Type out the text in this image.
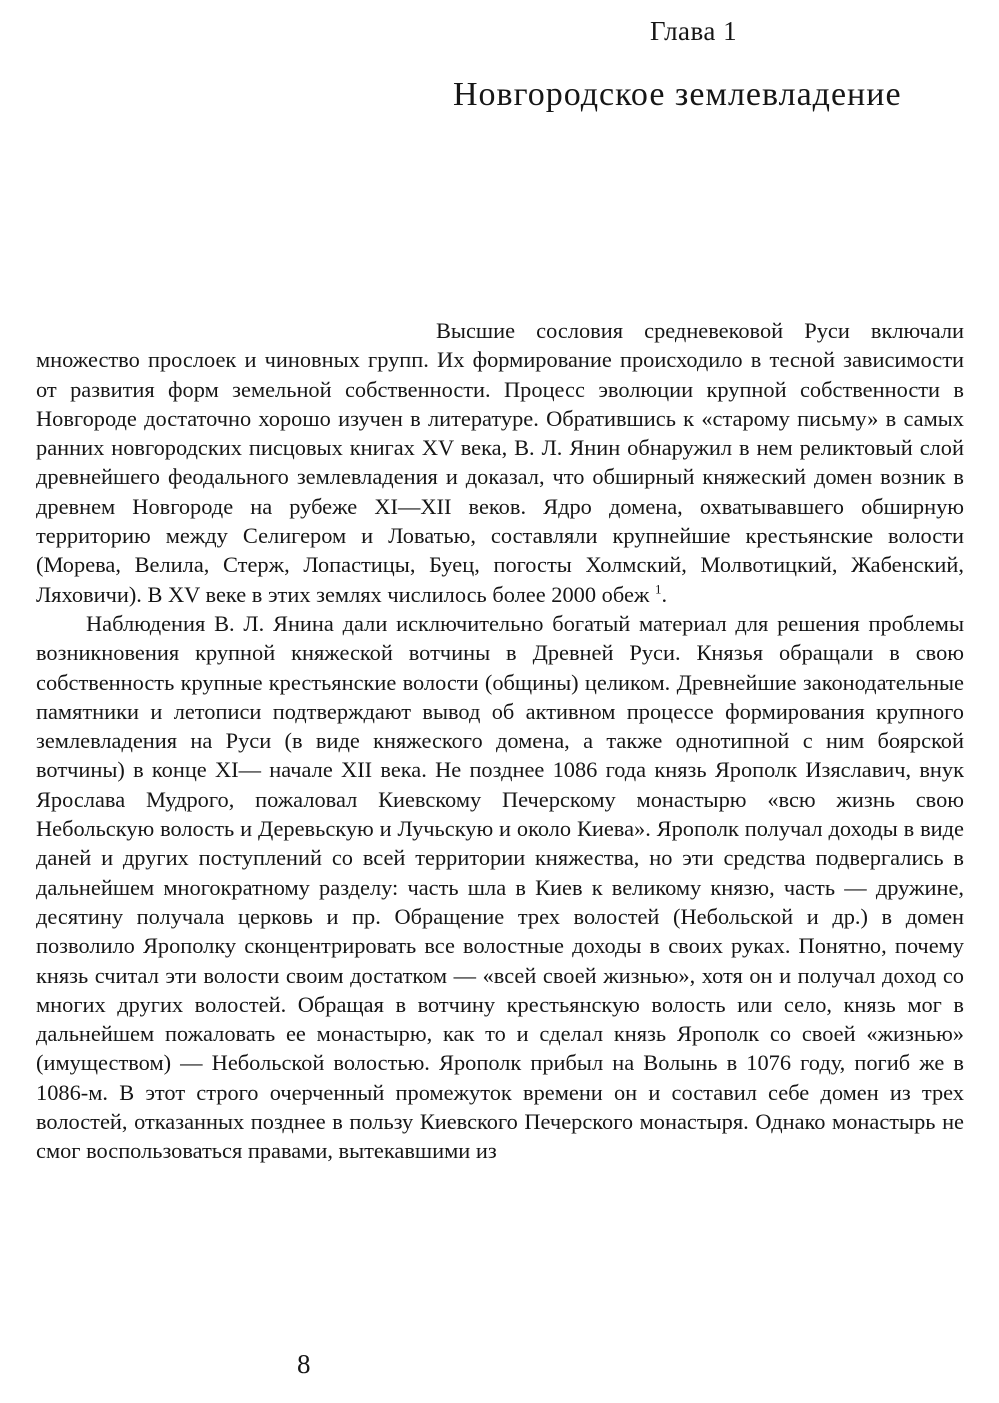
Глава 1
Новгородское землевладение

Высшие сословия средневековой Руси включали множество прослоек и чиновных групп. Их формирование происходило в тесной зависимости от развития форм земельной собственности. Процесс эволюции крупной собственности в Новгороде достаточно хорошо изучен в литературе. Обратившись к «старому письму» в самых ранних новгородских писцовых книгах XV века, В. Л. Янин обнаружил в нем реликтовый слой древнейшего феодального землевладения и доказал, что обширный княжеский домен возник в древнем Новгороде на рубеже XI—XII веков. Ядро домена, охватывавшего обширную территорию между Селигером и Ловатью, составляли крупнейшие крестьянские волости (Морева, Велила, Стерж, Лопастицы, Буец, погосты Холмский, Молвотицкий, Жабенский, Ляховичи). В XV веке в этих землях числилось более 2000 обеж $^1$.

Наблюдения В. Л. Янина дали исключительно богатый материал для решения проблемы возникновения крупной княжеской вотчины в Древней Руси. Князья обращали в свою собственность крупные крестьянские волости (общины) целиком. Древнейшие законодательные памятники и летописи подтверждают вывод об активном процессе формирования крупного землевладения на Руси (в виде княжеского домена, а также однотипной с ним боярской вотчины) в конце XI— начале XII века. Не позднее 1086 года князь Ярополк Изяславич, внук Ярослава Мудрого, пожаловал Киевскому Печерскому монастырю «всю жизнь свою Небольскую волость и Деревьскую и Лучьскую и около Киева». Ярополк получал доходы в виде даней и других поступлений со всей территории княжества, но эти средства подвергались в дальнейшем многократному разделу: часть шла в Киев к великому князю, часть — дружине, десятину получала церковь и пр. Обращение трех волостей (Небольской и др.) в домен позволило Ярополку сконцентрировать все волостные доходы в своих руках. Понятно, почему князь считал эти волости своим достатком — «всей своей жизнью», хотя он и получал доход со многих других волостей. Обращая в вотчину крестьянскую волость или село, князь мог в дальнейшем пожаловать ее монастырю, как то и сделал князь Ярополк со своей «жизнью» (имуществом) — Небольской волостью. Ярополк прибыл на Волынь в 1076 году, погиб же в 1086-м. В этот строго очерченный промежуток времени он и составил себе домен из трех волостей, отказанных позднее в пользу Киевского Печерского монастыря. Однако монастырь не смог воспользоваться правами, вытекавшими из

8
